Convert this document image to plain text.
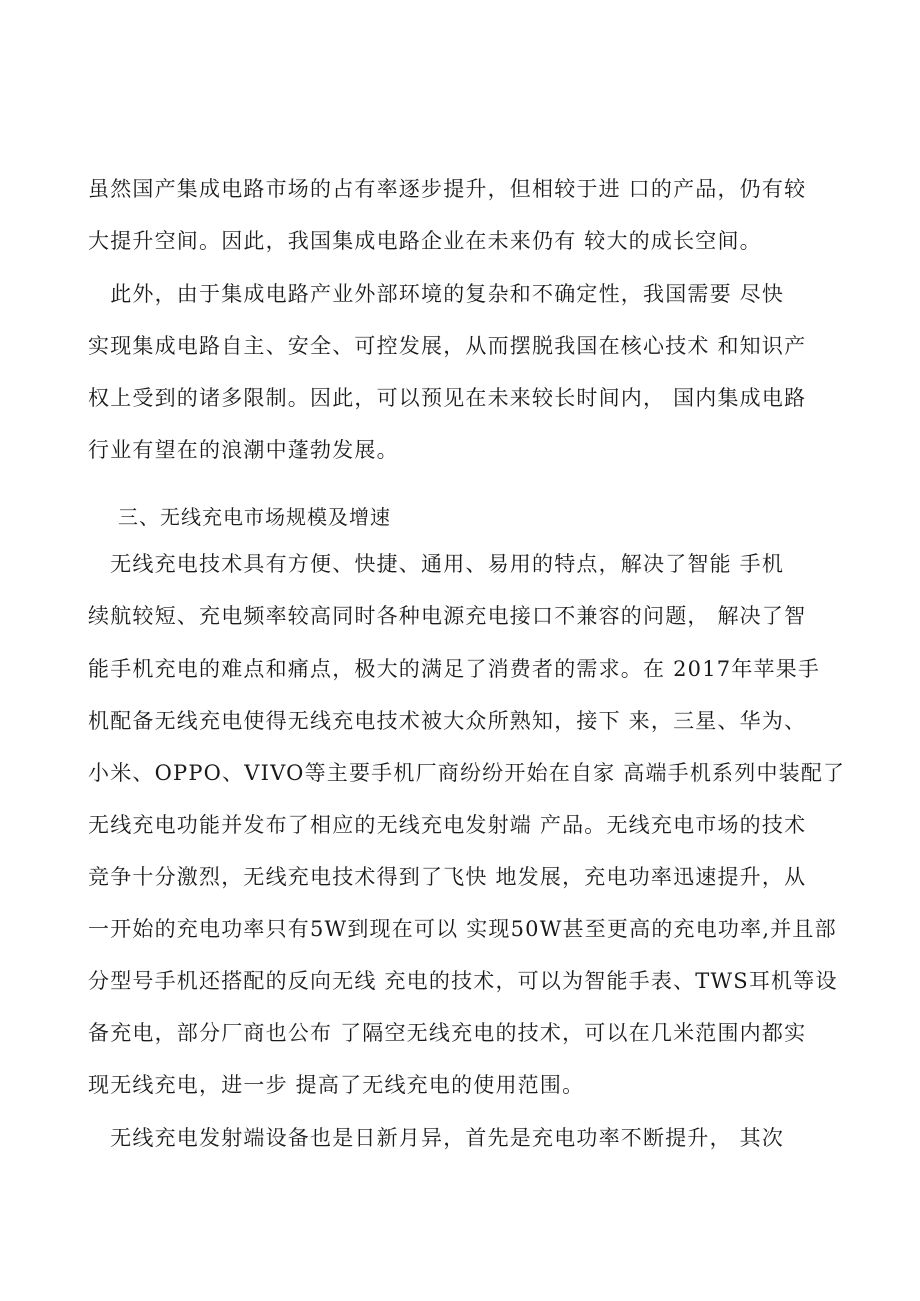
虽然国产集成电路市场的占有率逐步提升，但相较于进 口的产品，仍有较
大提升空间。因此，我国集成电路企业在未来仍有 较大的成长空间。
　此外，由于集成电路产业外部环境的复杂和不确定性，我国需要 尽快
实现集成电路自主、安全、可控发展，从而摆脱我国在核心技术 和知识产
权上受到的诸多限制。因此，可以预见在未来较长时间内， 国内集成电路
行业有望在的浪潮中蓬勃发展。
三、无线充电市场规模及增速
　无线充电技术具有方便、快捷、通用、易用的特点，解决了智能 手机
续航较短、充电频率较高同时各种电源充电接口不兼容的问题， 解决了智
能手机充电的难点和痛点，极大的满足了消费者的需求。在 2017年苹果手
机配备无线充电使得无线充电技术被大众所熟知，接下 来，三星、华为、
小米、OPPO、VIVO等主要手机厂商纷纷开始在自家 高端手机系列中装配了
无线充电功能并发布了相应的无线充电发射端 产品。无线充电市场的技术
竞争十分激烈，无线充电技术得到了飞快 地发展，充电功率迅速提升，从
一开始的充电功率只有5W到现在可以 实现50W甚至更高的充电功率,并且部
分型号手机还搭配的反向无线 充电的技术，可以为智能手表、TWS耳机等设
备充电，部分厂商也公布 了隔空无线充电的技术，可以在几米范围内都实
现无线充电，进一步 提高了无线充电的使用范围。
　无线充电发射端设备也是日新月异，首先是充电功率不断提升， 其次
